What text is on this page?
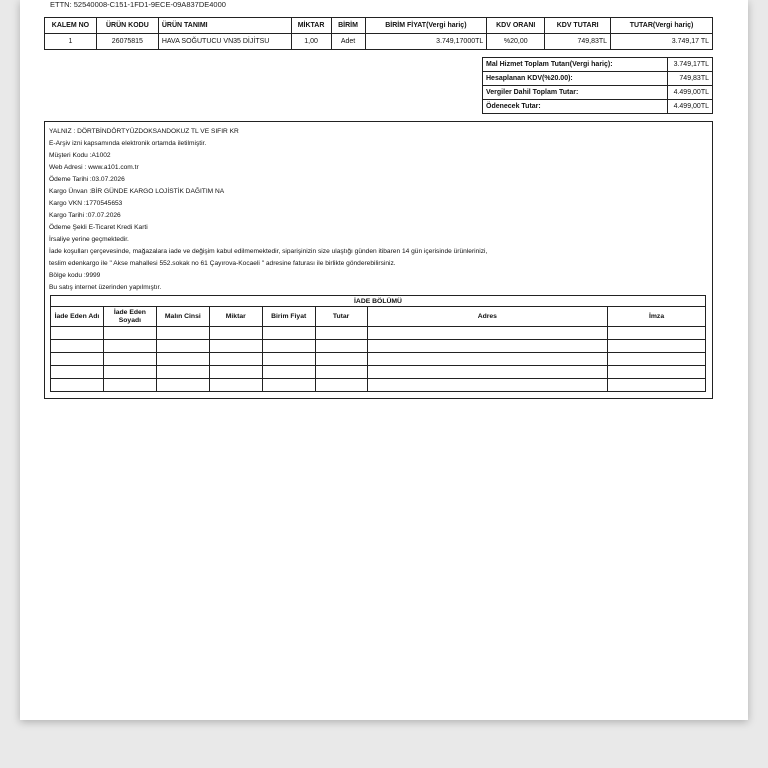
ETTN: 52540008-C151-1FD1-9ECE-09A837DE4000
KALEM NO	ÜRÜN KODU	ÜRÜN TANIMI	MİKTAR	BİRİM	BİRİM FİYAT(Vergi hariç)	KDV ORANI	KDV TUTARI	TUTAR(Vergi hariç)
1	26075815	HAVA SOĞUTUCU VN35 DİJİTSU	1,00	Adet	3.749,17000TL	%20,00	749,83TL	3.749,17 TL
Mal Hizmet Toplam Tutarı(Vergi hariç):	3.749,17TL
Hesaplanan KDV(%20.00):	749,83TL
Vergiler Dahil Toplam Tutar:	4.499,00TL
Ödenecek Tutar:	4.499,00TL
YALNIZ : DÖRTBİNDÖRTYÜZDOKSANDOKUZ TL VE SIFIR KR
E-Arşiv izni kapsamında elektronik ortamda iletilmiştir.
Müşteri Kodu :A1002
Web Adresi : www.a101.com.tr
Ödeme Tarihi :03.07.2026
Kargo Ünvan :BİR GÜNDE KARGO LOJİSTİK DAĞITIM NA
Kargo VKN :1770545653
Kargo Tarihi :07.07.2026
Ödeme Şekli E-Ticaret Kredi Karti
İrsaliye yerine geçmektedir.
İade koşulları çerçevesinde, mağazalara iade ve değişim kabul edilmemektedir, siparişinizin size ulaştığı günden itibaren 14 gün içerisinde ürünlerinizi,
teslim edenkargo ile " Akse mahallesi 552.sokak no 61 Çayırova-Kocaeli " adresine faturası ile birlikte gönderebilirsiniz.
Bölge kodu :9999
Bu satış internet üzerinden yapılmıştır.
İADE BÖLÜMÜ							
İade Eden Adı	İade Eden Soyadı	Malın Cinsi	Miktar	Birim Fiyat	Tutar	Adres	İmza
